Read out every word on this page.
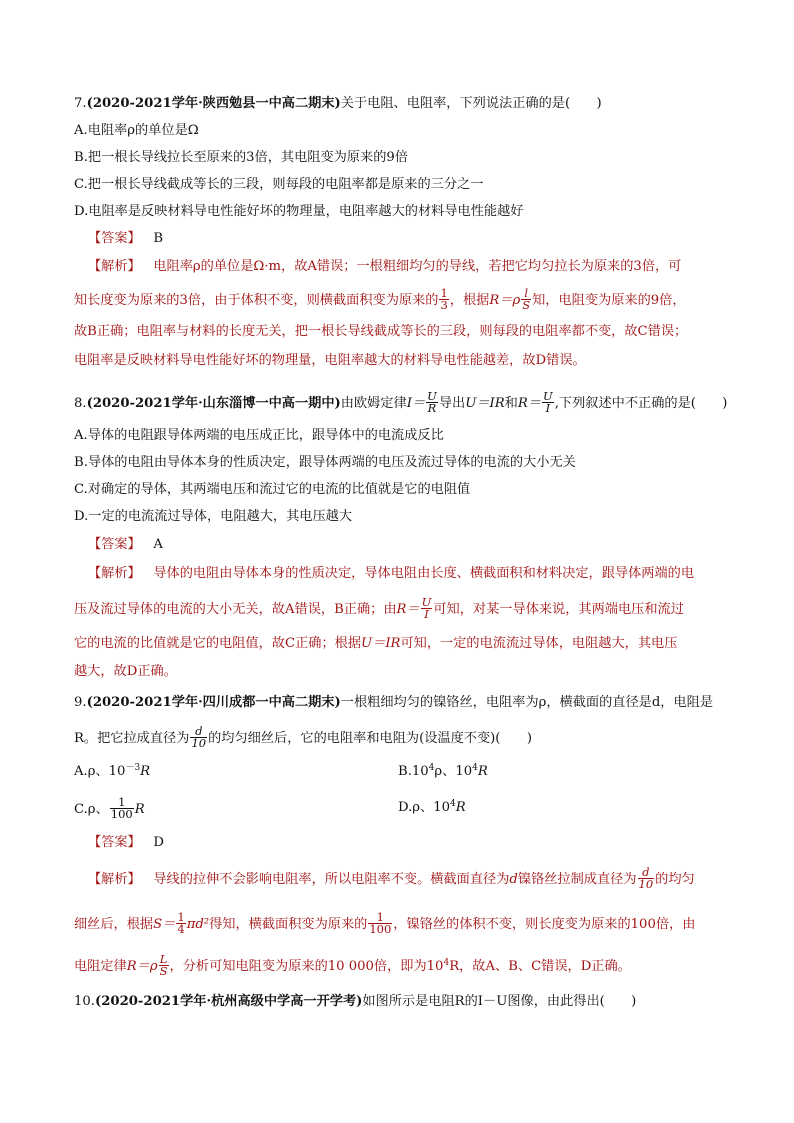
7.(2020-2021学年·陕西勉县一中高二期末)关于电阻、电阻率，下列说法正确的是(　　)
A.电阻率ρ的单位是Ω
B.把一根长导线拉长至原来的3倍，其电阻变为原来的9倍
C.把一根长导线截成等长的三段，则每段的电阻率都是原来的三分之一
D.电阻率是反映材料导电性能好坏的物理量，电阻率越大的材料导电性能越好
【答案】 B
【解析】 电阻率ρ的单位是Ω·m，故A错误；一根粗细均匀的导线，若把它均匀拉长为原来的3倍，可
知长度变为原来的3倍，由于体积不变，则横截面积变为原来的 $\frac{1}{3}$ ，根据$R=\rho \frac{l}{S}$ 知，电阻变为原来的9倍，
故B正确；电阻率与材料的长度无关，把一根长导线截成等长的三段，则每段的电阻率都不变，故C错误；
电阻率是反映材料导电性能好坏的物理量，电阻率越大的材料导电性能越差，故D错误。
8.(2020-2021学年·山东淄博一中高一期中)由欧姆定律$I= \frac{U}{R}$ 导出U＝IR和$R= \frac{U}{I}$ ,下列叙述中不正确的是(　　)
A.导体的电阻跟导体两端的电压成正比，跟导体中的电流成反比
B.导体的电阻由导体本身的性质决定，跟导体两端的电压及流过导体的电流的大小无关
C.对确定的导体，其两端电压和流过它的电流的比值就是它的电阻值
D.一定的电流流过导体，电阻越大，其电压越大
【答案】 A
【解析】 导体的电阻由导体本身的性质决定，导体电阻由长度、横截面积和材料决定，跟导体两端的电
压及流过导体的电流的大小无关，故A错误，B正确；由$R= \frac{U}{I}$ 可知，对某一导体来说，其两端电压和流过
它的电流的比值就是它的电阻值，故C正确；根据U＝IR可知，一定的电流流过导体，电阻越大，其电压
越大，故D正确。
9.(2020-2021学年·四川成都一中高二期末)一根粗细均匀的镍铬丝，电阻率为ρ，横截面的直径是d，电阻是
R。把它拉成直径为 $\frac{d}{10}$ 的均匀细丝后，它的电阻率和电阻为(设温度不变)(　　)
A.ρ、$10^{-3}R$	$B.10^4\rho$、$10^4R$
C.ρ、 $\frac{1}{100}$ R	D.ρ、$10^4R$
【答案】 D
【解析】 导线的拉伸不会影响电阻率，所以电阻率不变。横截面直径为d镍铬丝拉制成直径为 $\frac{d}{10}$ 的均匀
细丝后，根据$S= \frac{1}{4} \pi d^2$得知，横截面积变为原来的 $\frac{1}{100}$ ，镍铬丝的体积不变，则长度变为原来的100倍，由
电阻定律$R=\rho \frac{L}{S}$ ，分析可知电阻变为原来的10 000倍，即为$10^4R$，故A、B、C错误，D正确。
10.(2020-2021学年·杭州高级中学高一开学考)如图所示是电阻R的I－U图像，由此得出(　　)
